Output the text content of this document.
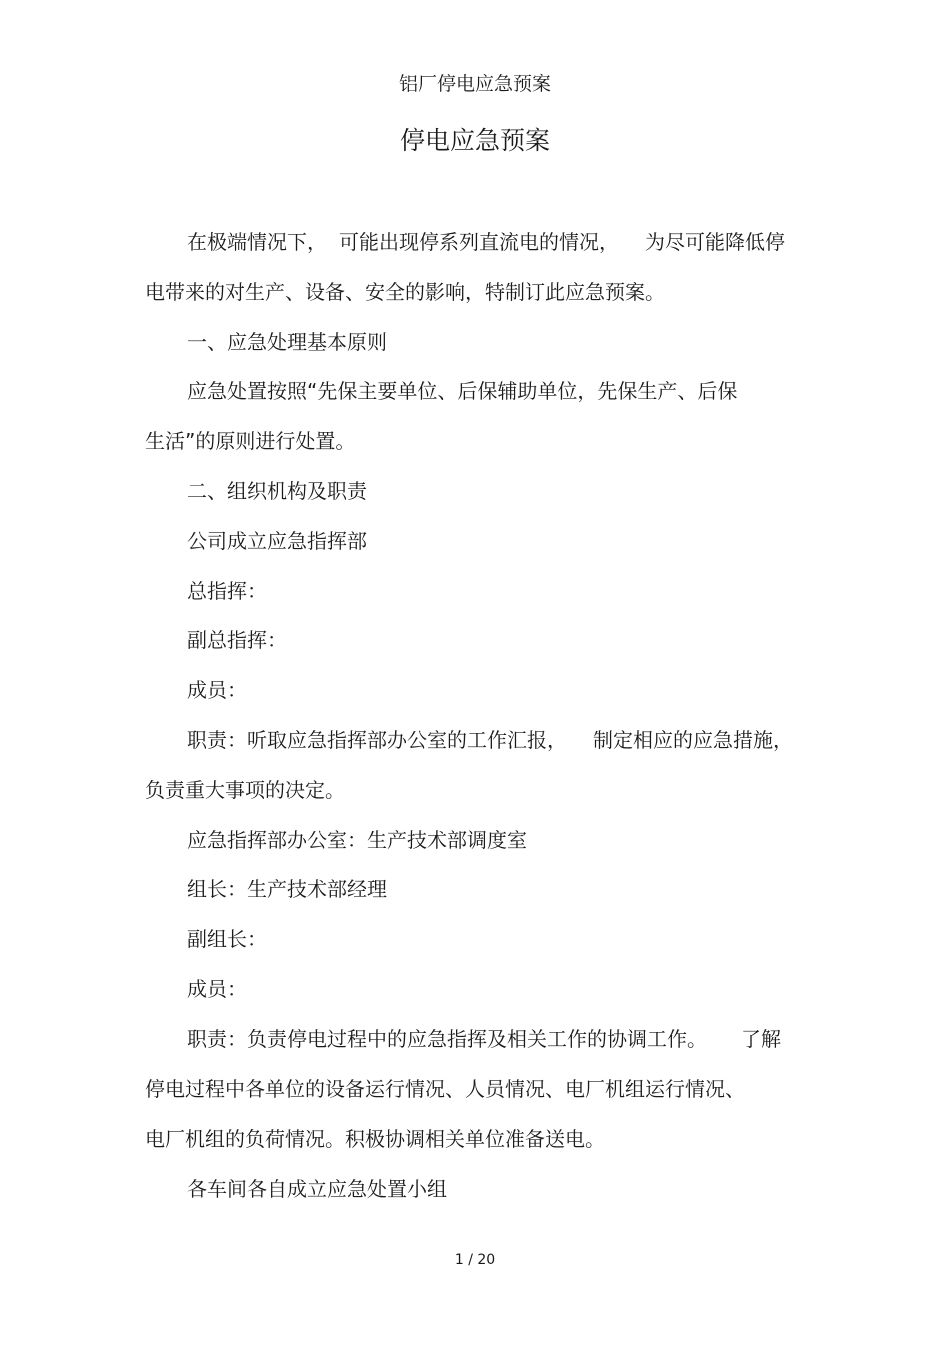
铝厂停电应急预案
停电应急预案
在极端情况下， 可能出现停系列直流电的情况， 为尽可能降低停
电带来的对生产、设备、安全的影响，特制订此应急预案。
一、应急处理基本原则
应急处置按照“先保主要单位、后保辅助单位，先保生产、后保
生活”的原则进行处置。
二、组织机构及职责
公司成立应急指挥部
总指挥：
副总指挥：
成员：
职责：听取应急指挥部办公室的工作汇报， 制定相应的应急措施，
负责重大事项的决定。
应急指挥部办公室：生产技术部调度室
组长：生产技术部经理
副组长：
成员：
职责：负责停电过程中的应急指挥及相关工作的协调工作。 了解
停电过程中各单位的设备运行情况、人员情况、电厂机组运行情况、
电厂机组的负荷情况。积极协调相关单位准备送电。
各车间各自成立应急处置小组
1 / 20
